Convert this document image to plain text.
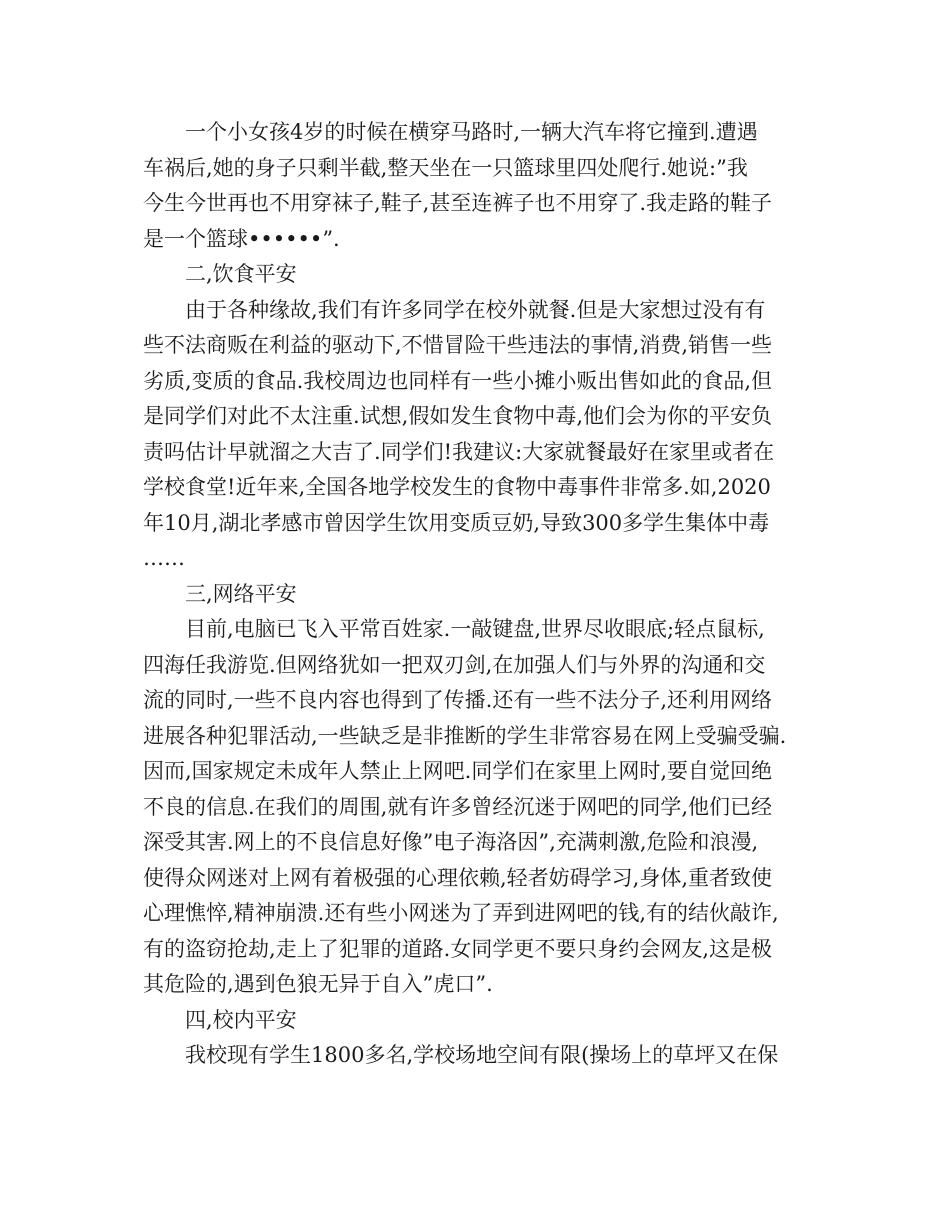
一个小女孩4岁的时候在横穿马路时,一辆大汽车将它撞到.遭遇
车祸后,她的身子只剩半截,整天坐在一只篮球里四处爬行.她说:”我
今生今世再也不用穿袜子,鞋子,甚至连裤子也不用穿了.我走路的鞋子
是一个篮球••••••”.
二,饮食平安
由于各种缘故,我们有许多同学在校外就餐.但是大家想过没有有
些不法商贩在利益的驱动下,不惜冒险干些违法的事情,消费,销售一些
劣质,变质的食品.我校周边也同样有一些小摊小贩出售如此的食品,但
是同学们对此不太注重.试想,假如发生食物中毒,他们会为你的平安负
责吗估计早就溜之大吉了.同学们!我建议:大家就餐最好在家里或者在
学校食堂!近年来,全国各地学校发生的食物中毒事件非常多.如,2020
年10月,湖北孝感市曾因学生饮用变质豆奶,导致300多学生集体中毒
……
三,网络平安
目前,电脑已飞入平常百姓家.一敲键盘,世界尽收眼底;轻点鼠标,
四海任我游览.但网络犹如一把双刃剑,在加强人们与外界的沟通和交
流的同时,一些不良内容也得到了传播.还有一些不法分子,还利用网络
进展各种犯罪活动,一些缺乏是非推断的学生非常容易在网上受骗受骗.
因而,国家规定未成年人禁止上网吧.同学们在家里上网时,要自觉回绝
不良的信息.在我们的周围,就有许多曾经沉迷于网吧的同学,他们已经
深受其害.网上的不良信息好像”电子海洛因”,充满刺激,危险和浪漫,
使得众网迷对上网有着极强的心理依赖,轻者妨碍学习,身体,重者致使
心理憔悴,精神崩溃.还有些小网迷为了弄到进网吧的钱,有的结伙敲诈,
有的盗窃抢劫,走上了犯罪的道路.女同学更不要只身约会网友,这是极
其危险的,遇到色狼无异于自入”虎口”.
四,校内平安
我校现有学生1800多名,学校场地空间有限(操场上的草坪又在保
